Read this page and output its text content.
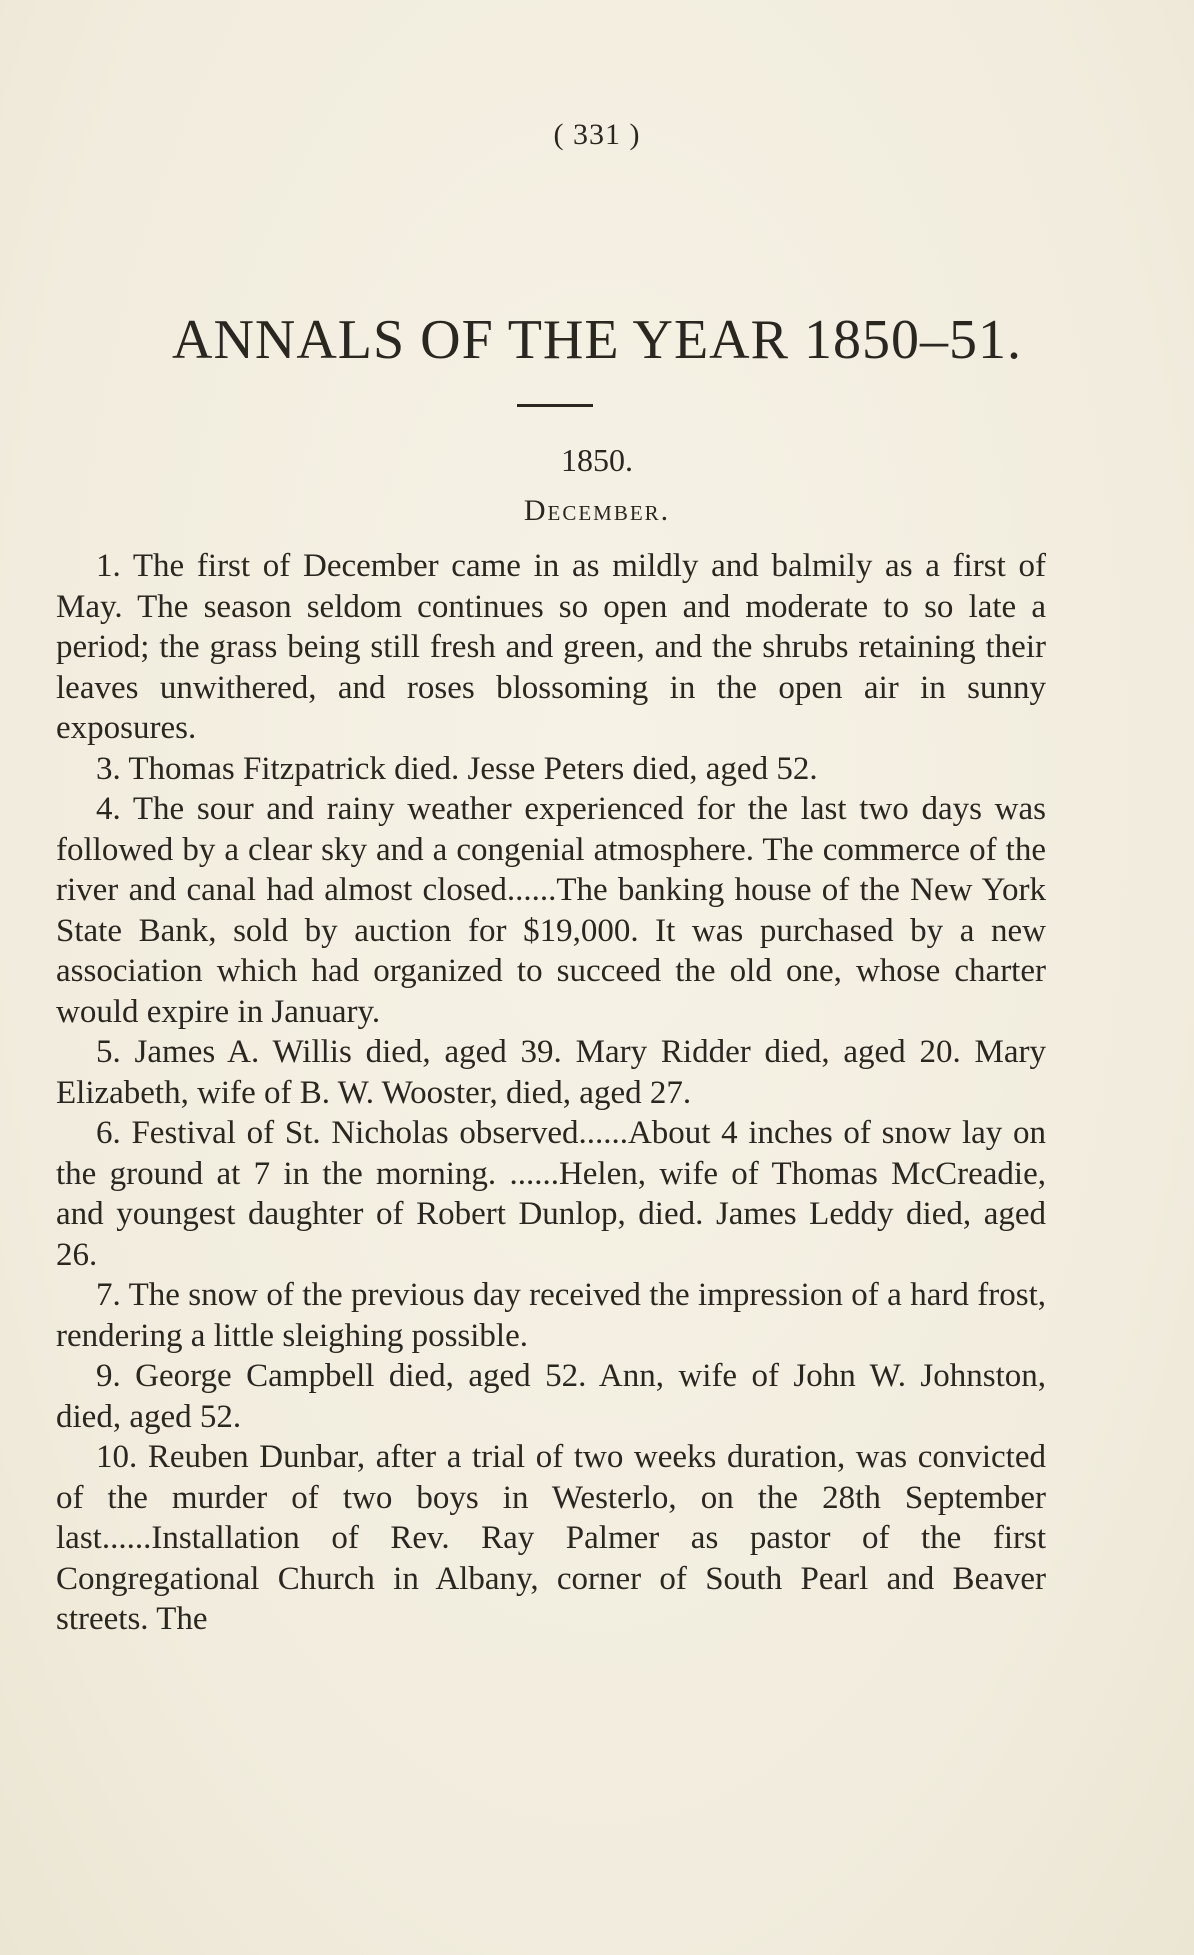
( 331 )
ANNALS OF THE YEAR 1850–51.
1850.
December.

1. The first of December came in as mildly and balmily as a first of May. The season seldom continues so open and moderate to so late a period; the grass being still fresh and green, and the shrubs retaining their leaves unwithered, and roses blossoming in the open air in sunny exposures.

3. Thomas Fitzpatrick died. Jesse Peters died, aged 52.

4. The sour and rainy weather experienced for the last two days was followed by a clear sky and a congenial atmosphere. The commerce of the river and canal had almost closed......The banking house of the New York State Bank, sold by auction for $19,000. It was purchased by a new association which had organized to succeed the old one, whose charter would expire in January.

5. James A. Willis died, aged 39. Mary Ridder died, aged 20. Mary Elizabeth, wife of B. W. Wooster, died, aged 27.

6. Festival of St. Nicholas observed......About 4 inches of snow lay on the ground at 7 in the morning. ......Helen, wife of Thomas McCreadie, and youngest daughter of Robert Dunlop, died. James Leddy died, aged 26.

7. The snow of the previous day received the impression of a hard frost, rendering a little sleighing possible.

9. George Campbell died, aged 52. Ann, wife of John W. Johnston, died, aged 52.

10. Reuben Dunbar, after a trial of two weeks duration, was convicted of the murder of two boys in Westerlo, on the 28th September last......Installation of Rev. Ray Palmer as pastor of the first Congregational Church in Albany, corner of South Pearl and Beaver streets. The
